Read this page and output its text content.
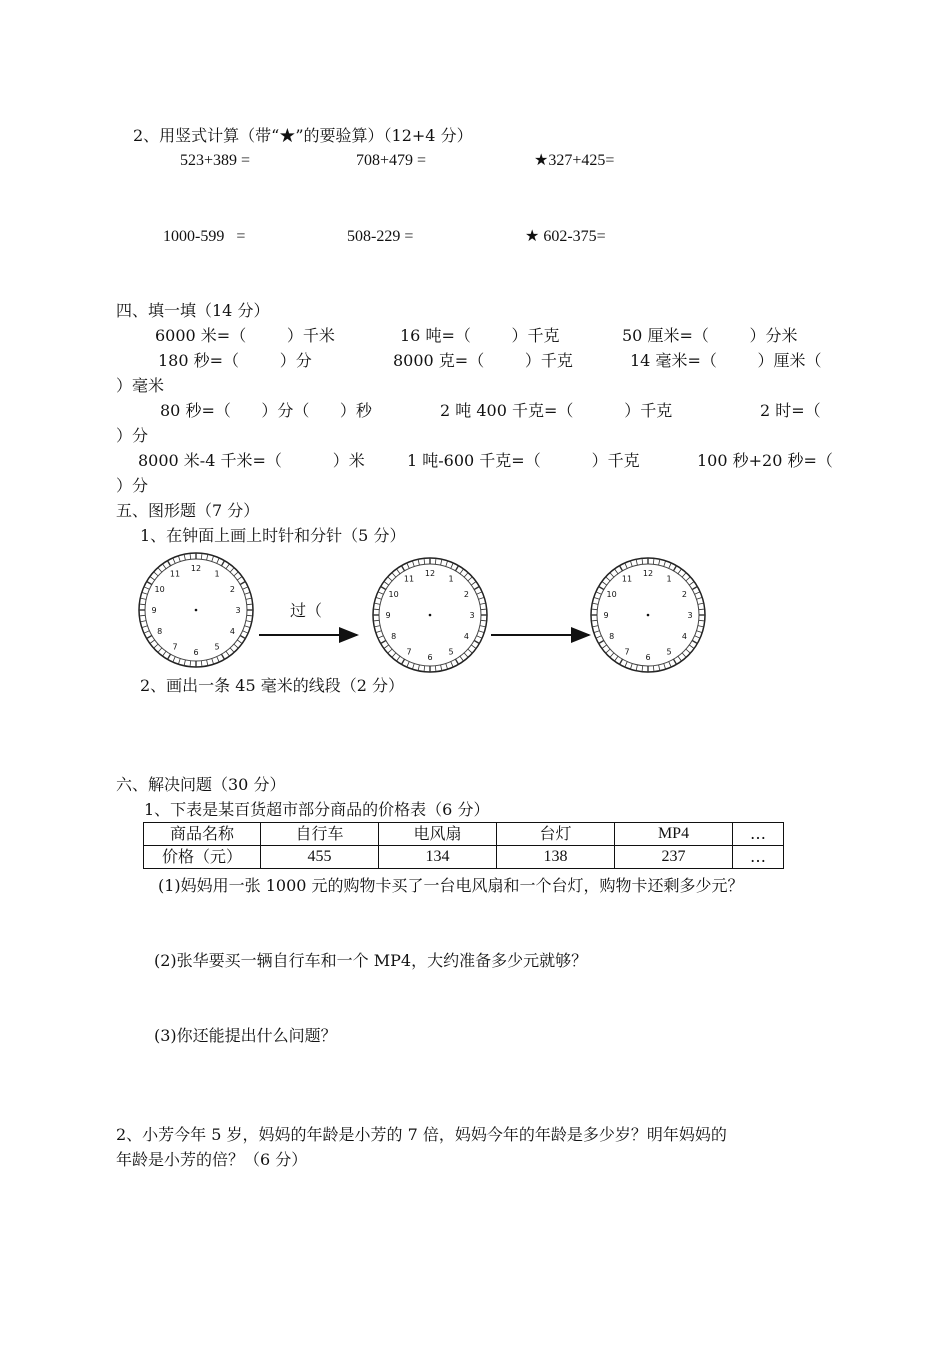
2、用竖式计算（带“★”的要验算）（12+4 分）
523+389 =	708+479 =	★327+425=
1000-599   =	508-229 =	★ 602-375=
四、填一填（14 分）
6000 米=（        ）千米	16 吨=（        ）千克	50 厘米=（        ）分米
180 秒=（        ）分	8000 克=（        ）千克	14 毫米=（        ）厘米（
）毫米
80 秒=（      ）分（      ）秒	2 吨 400 千克=（          ）千克	2 时=（
）分
8000 米-4 千米=（          ）米	1 吨-600 千克=（          ）千克	100 秒+20 秒=（
）分
五、图形题（7 分）
1、在钟面上画上时针和分针（5 分）
过（
12
1
2
3
4
5
6
7
8
9
10
11	12
1
2
3
4
5
6
7
8
9
10
11
12
1
2
3
4
5
6
7
8
9
10
11
2、画出一条 45 毫米的线段（2 分）
六、解决问题（30 分）
1、下表是某百货超市部分商品的价格表（6 分）
商品名称	自行车	电风扇	台灯	MP4	…
价格（元）	455	134	138	237	…
(1)妈妈用一张 1000 元的购物卡买了一台电风扇和一个台灯，购物卡还剩多少元？
(2)张华要买一辆自行车和一个 MP4，大约准备多少元就够？
(3)你还能提出什么问题？
2、小芳今年 5 岁，妈妈的年龄是小芳的 7 倍，妈妈今年的年龄是多少岁？明年妈妈的
年龄是小芳的倍？（6 分）
